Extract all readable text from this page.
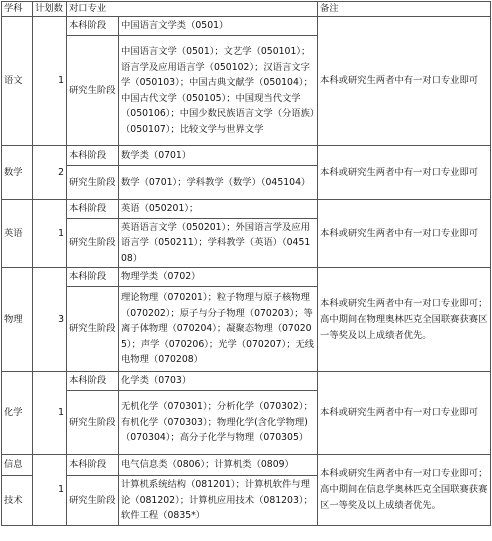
学科	计划数	对口专业		备注
语文	1	本科阶段	中国语言文学类（0501）	本科或研究生两者中有一对口专业即可
		研究生阶段	中国语言文学（0501）；文艺学（050101）；语言学及应用语言学（050102）；汉语言文字学（050103）；中国古典文献学（050104）；中国古代文学（050105）；中国现当代文学（050106）；中国少数民族语言文学（分语族）（050107）；比较文学与世界文学	
数学	2	本科阶段	数学类（0701）	本科或研究生两者中有一对口专业即可
		研究生阶段	数学（0701）；学科教学（数学）（045104）	
英语	1	本科阶段	英语（050201）；	本科或研究生两者中有一对口专业即可
		研究生阶段	英语语言文学（050201）；外国语言学及应用语言学（050211）；学科教学（英语）（045108）	
物理	3	本科阶段	物理学类（0702）	本科或研究生两者中有一对口专业即可；高中期间在物理奥林匹克全国联赛获赛区一等奖及以上成绩者优先。
		研究生阶段	理论物理（070201）；粒子物理与原子核物理（070202）；原子与分子物理（070203）；等离子体物理（070204）；凝聚态物理（070205）；声学（070206）；光学（070207）；无线电物理（070208）	
化学	1	本科阶段	化学类（0703）	本科或研究生两者中有一对口专业即可
		研究生阶段	无机化学（070301）；分析化学（070302）；有机化学（070303）；物理化学(含化学物理)（070304）；高分子化学与物理（070305）	
信息	1	本科阶段	电气信息类（0806）；计算机类（0809）	本科或研究生两者中有一对口专业即可；高中期间在信息学奥林匹克全国联赛获赛区一等奖及以上成绩者优先。
技术		研究生阶段	计算机系统结构（081201）；计算机软件与理论（081202）；计算机应用技术（081203）；软件工程（0835*）	
